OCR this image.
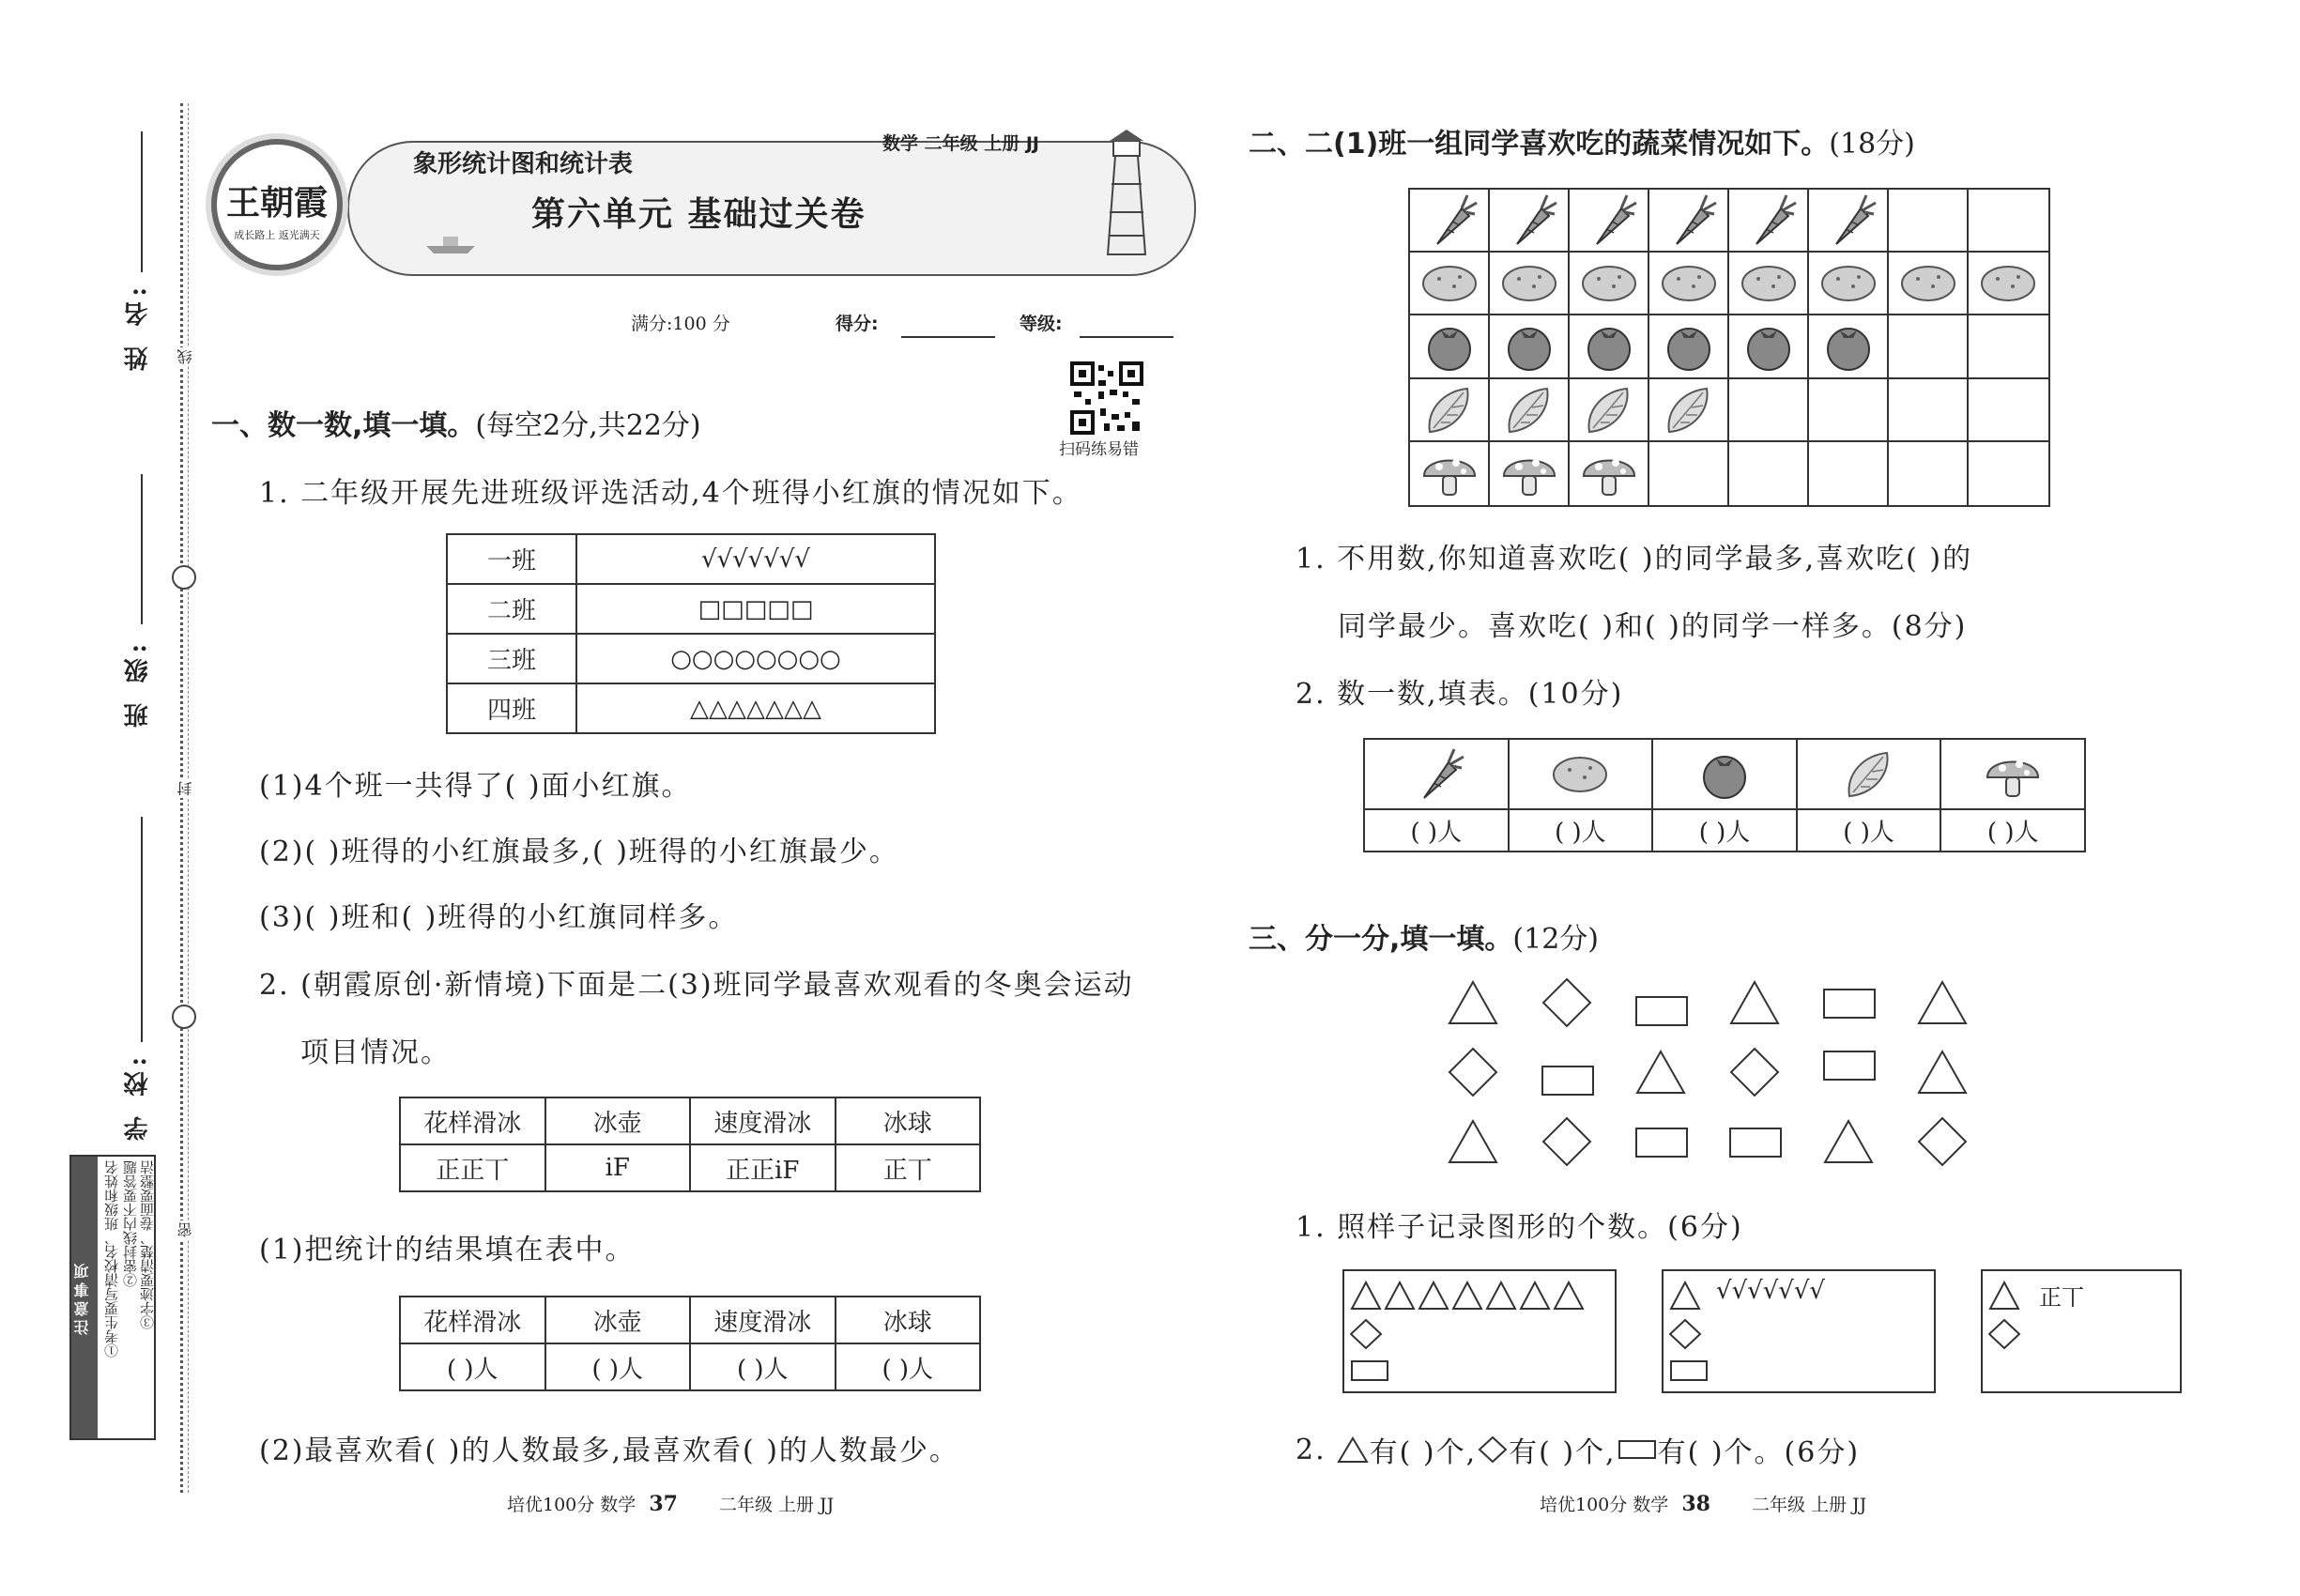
姓 名:
班 级:
学 校:
线
封
密
注意事项 ①考生要写清校名、班级和姓名 ②密封线内不要答题 ③字迹要清楚、卷面要整洁
王朝霞
成长路上 返光满天
象形统计图和统计表
数学 二年级 上册 JJ
第六单元 基础过关卷
满分:100 分	得分:	等级:
扫码练易错
一、数一数,填一填。(每空2分,共22分)
1. 二年级开展先进班级评选活动,4个班得小红旗的情况如下。
一班	√√√√√√√
二班	□□□□□
三班	○○○○○○○○
四班	△△△△△△△
(1)4个班一共得了( )面小红旗。
(2)( )班得的小红旗最多,( )班得的小红旗最少。
(3)( )班和( )班得的小红旗同样多。
2. (朝霞原创·新情境)下面是二(3)班同学最喜欢观看的冬奥会运动
项目情况。
花样滑冰	冰壶	速度滑冰	冰球
正正丅	iF	正正iF	正丅
(1)把统计的结果填在表中。
花样滑冰	冰壶	速度滑冰	冰球
( )人	( )人	( )人	( )人
(2)最喜欢看( )的人数最多,最喜欢看( )的人数最少。
二、二(1)班一组同学喜欢吃的蔬菜情况如下。(18分)
1. 不用数,你知道喜欢吃( )的同学最多,喜欢吃( )的
同学最少。喜欢吃( )和( )的同学一样多。(8分)
2. 数一数,填表。(10分)

( )人	( )人	( )人	( )人	( )人
三、分一分,填一填。(12分)
1. 照样子记录图形的个数。(6分)
√√√√√√√	正丅
2. 有( )个, 有( )个, 有( )个。(6分)
培优100分 数学 37 二年级 上册 JJ	培优100分 数学 38 二年级 上册 JJ
